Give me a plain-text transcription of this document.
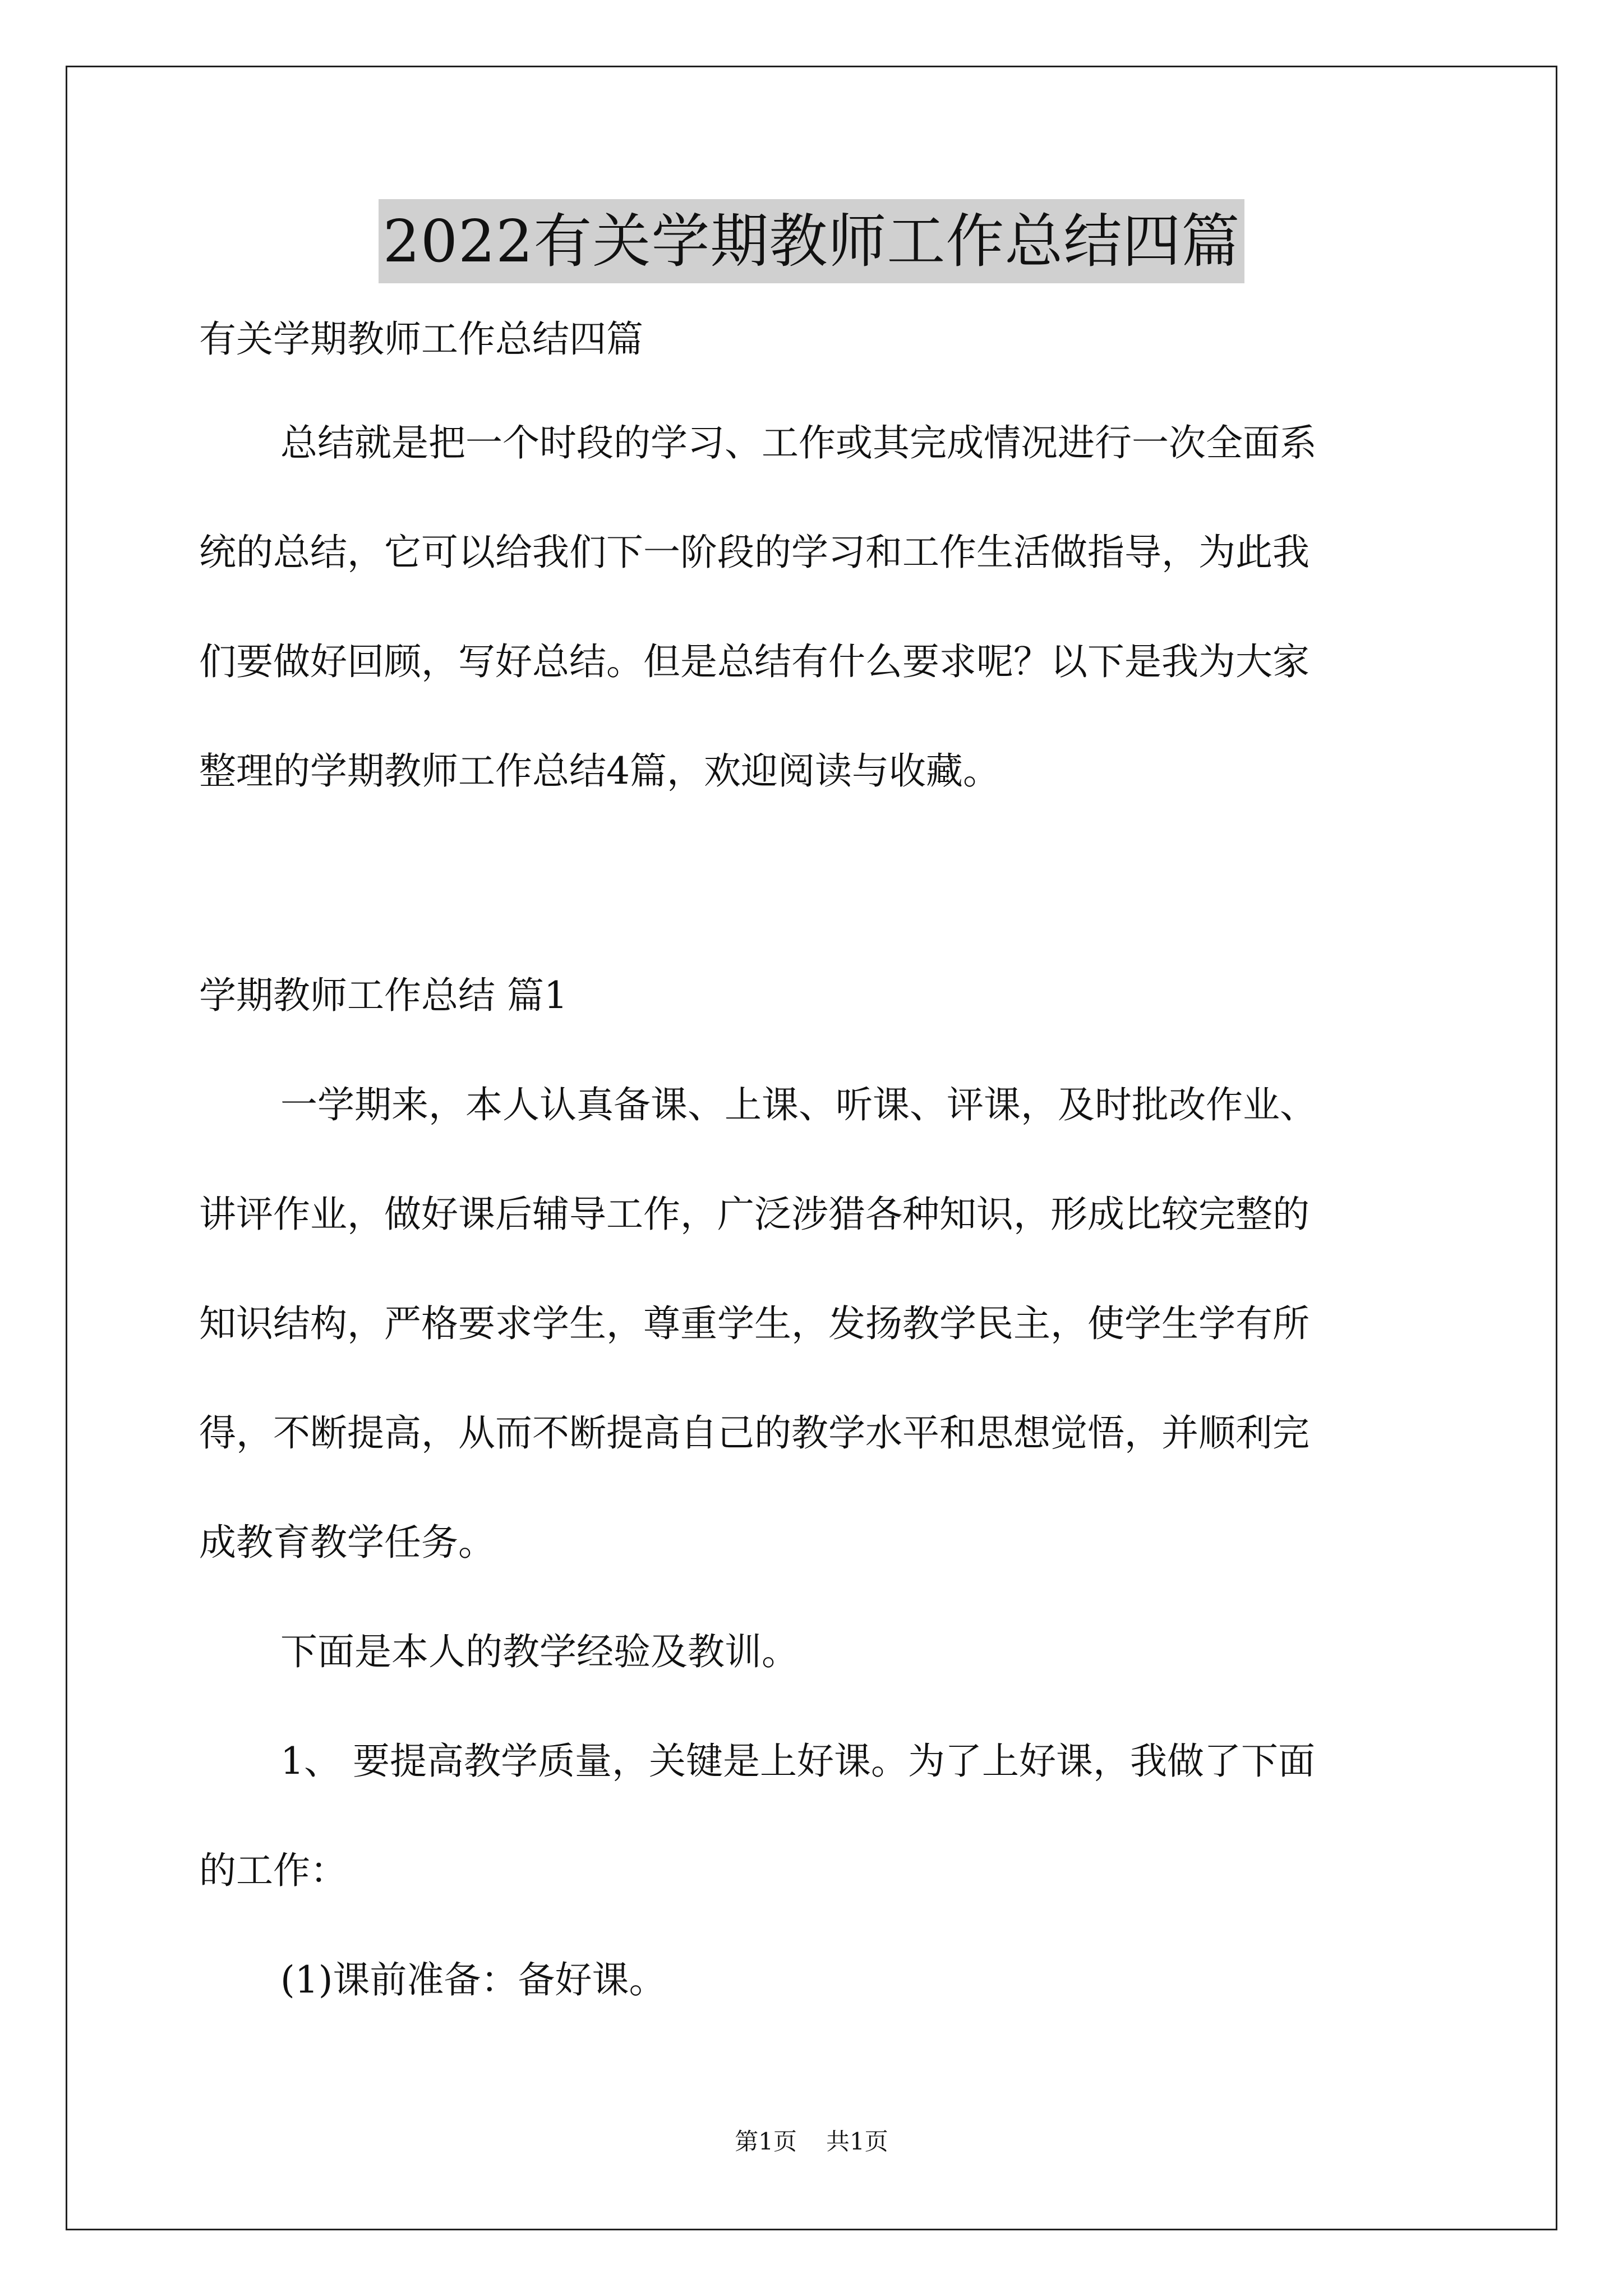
2022有关学期教师工作总结四篇
有关学期教师工作总结四篇
总结就是把一个时段的学习、工作或其完成情况进行一次全面系
统的总结，它可以给我们下一阶段的学习和工作生活做指导，为此我
们要做好回顾，写好总结。但是总结有什么要求呢？以下是我为大家
整理的学期教师工作总结4篇，欢迎阅读与收藏。
学期教师工作总结 篇1
一学期来，本人认真备课、上课、听课、评课，及时批改作业、
讲评作业，做好课后辅导工作，广泛涉猎各种知识，形成比较完整的
知识结构，严格要求学生，尊重学生，发扬教学民主，使学生学有所
得，不断提高，从而不断提高自己的教学水平和思想觉悟，并顺利完
成教育教学任务。
下面是本人的教学经验及教训。
1、 要提高教学质量，关键是上好课。为了上好课，我做了下面
的工作：
(1)课前准备：备好课。
第1页 共1页
